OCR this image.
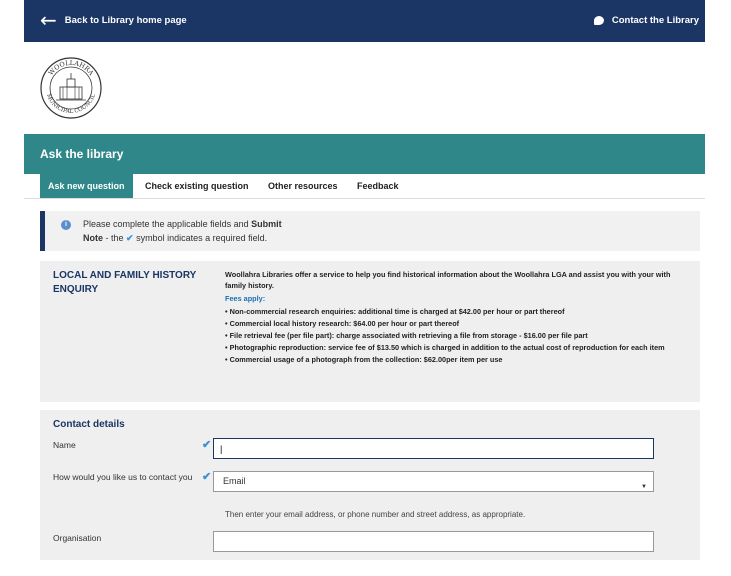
← Back to Library home page	Contact the Library
WOOLLAHRA
MUNICIPAL COUNCIL
Ask the library
Ask new question	Check existing question Other resources Feedback
i	Please complete the applicable fields and Submit
Note - the ✔ symbol indicates a required field.
LOCAL AND FAMILY HISTORY ENQUIRY
Woollahra Libraries offer a service to help you find historical information about the Woollahra LGA and assist you with your with family history.
Fees apply:
• Non-commercial research enquiries: additional time is charged at $42.00 per hour or part thereof
• Commercial local history research: $64.00 per hour or part thereof
• File retrieval fee (per file part): charge associated with retrieving a file from storage - $16.00 per file part
• Photographic reproduction: service fee of $13.50 which is charged in addition to the actual cost of reproduction for each item
• Commercial usage of a photograph from the collection: $62.00per item per use
Contact details
Name	✔
|
How would you like us to contact you ✔	Email
▼
Then enter your email address, or phone number and street address, as appropriate.
Organisation
